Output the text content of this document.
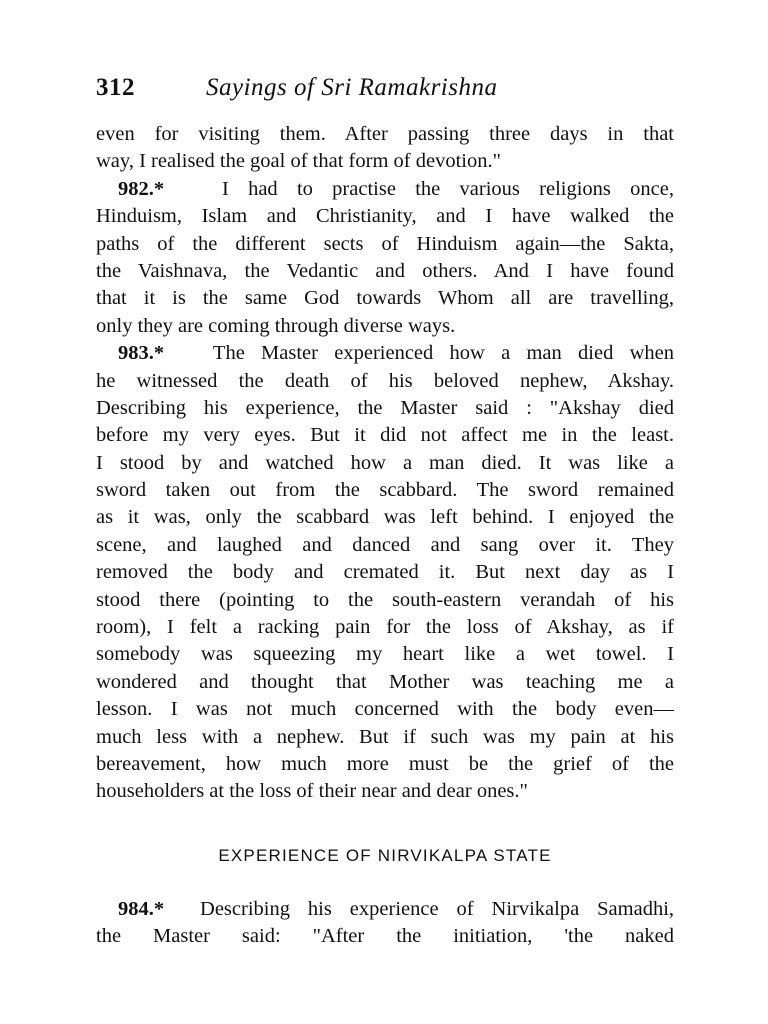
312	Sayings of Sri Ramakrishna
even for visiting them. After passing three days in that
way, I realised the goal of that form of devotion."
982.*	I had to practise the various religions once,
Hinduism, Islam and Christianity, and I have walked the
paths of the different sects of Hinduism again—the Sakta,
the Vaishnava, the Vedantic and others. And I have found
that it is the same God towards Whom all are travelling,
only they are coming through diverse ways.
983.* The Master experienced how a man died when
he witnessed the death of his beloved nephew, Akshay.
Describing his experience, the Master said : "Akshay died
before my very eyes. But it did not affect me in the least.
I stood by and watched how a man died. It was like a
sword taken out from the scabbard. The sword remained
as it was, only the scabbard was left behind. I enjoyed the
scene, and laughed and danced and sang over it. They
removed the body and cremated it. But next day as I
stood there (pointing to the south-eastern verandah of his
room), I felt a racking pain for the loss of Akshay, as if
somebody was squeezing my heart like a wet towel. I
wondered and thought that Mother was teaching me a
lesson. I was not much concerned with the body even—
much less with a nephew. But if such was my pain at his
bereavement, how much more must be the grief of the
householders at the loss of their near and dear ones."
EXPERIENCE OF NIRVIKALPA STATE
984.* Describing his experience of Nirvikalpa Samadhi,
the Master said: "After the initiation, 'the naked
